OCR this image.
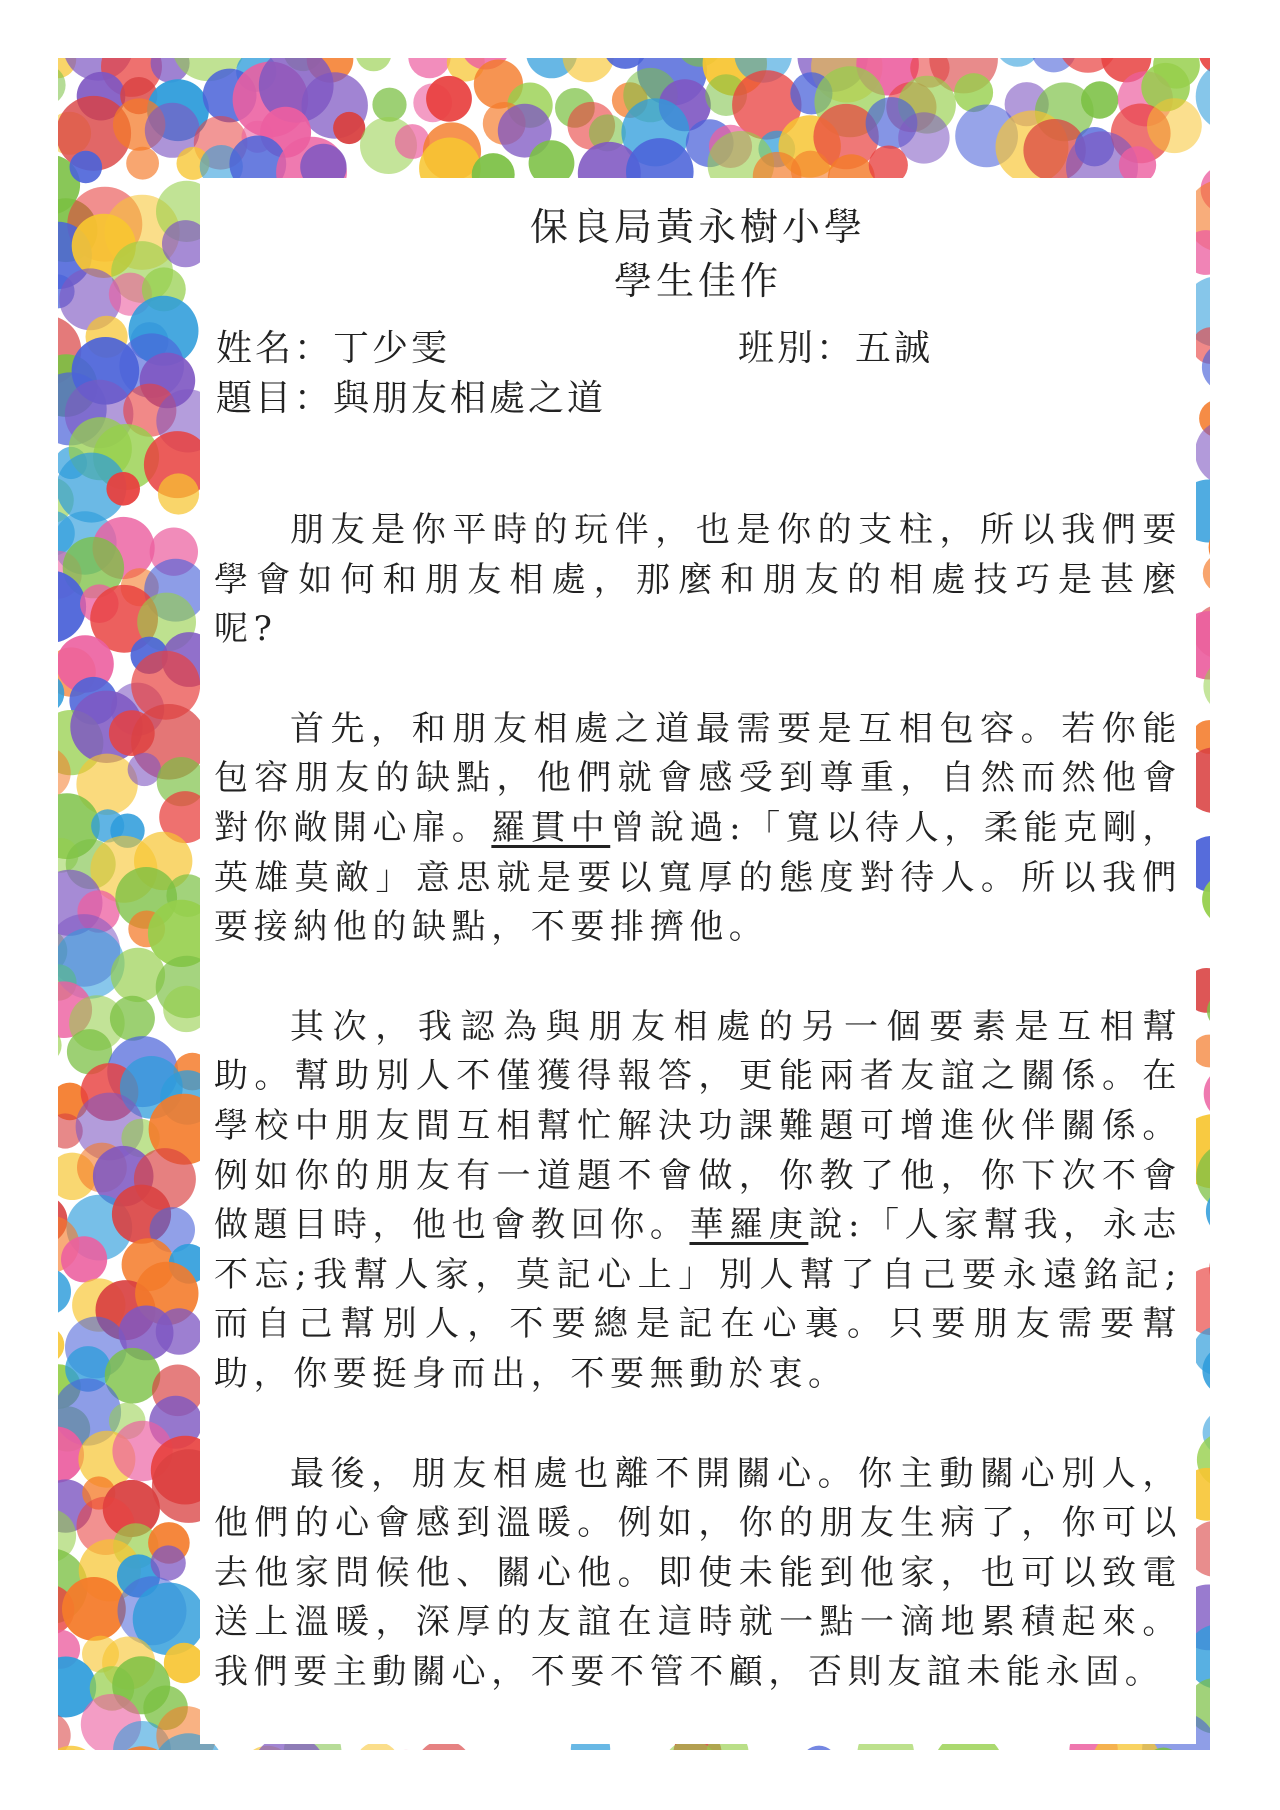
保良局黃永樹小學
學生佳作
姓名：丁少雯	班別：五誠
題目：與朋友相處之道

朋友是你平時的玩伴，也是你的支柱，所以我們要學會如何和朋友相處，那麼和朋友的相處技巧是甚麼呢?

首先，和朋友相處之道最需要是互相包容。若你能包容朋友的缺點，他們就會感受到尊重，自然而然他會對你敞開心扉。羅貫中曾說過:「寬以待人，柔能克剛，英雄莫敵」意思就是要以寬厚的態度對待人。所以我們要接納他的缺點，不要排擠他。

其次，我認為與朋友相處的另一個要素是互相幫助。幫助別人不僅獲得報答，更能兩者友誼之關係。在學校中朋友間互相幫忙解決功課難題可增進伙伴關係。例如你的朋友有一道題不會做，你教了他，你下次不會做題目時，他也會教回你。華羅庚說:「人家幫我，永志不忘;我幫人家，莫記心上」別人幫了自己要永遠銘記;而自己幫別人，不要總是記在心裏。只要朋友需要幫助，你要挺身而出，不要無動於衷。

最後，朋友相處也離不開關心。你主動關心別人，他們的心會感到溫暖。例如，你的朋友生病了，你可以去他家問候他、關心他。即使未能到他家，也可以致電送上溫暖，深厚的友誼在這時就一點一滴地累積起來。我們要主動關心，不要不管不顧，否則友誼未能永固。
